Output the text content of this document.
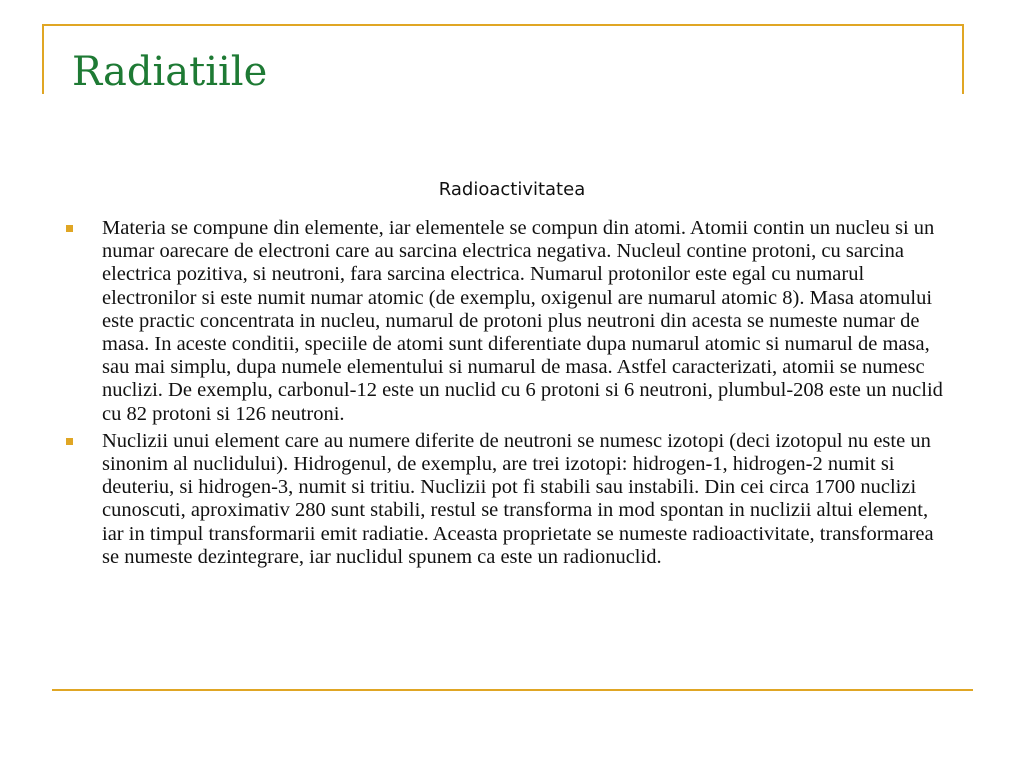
Radiatiile
Radioactivitatea
Materia se compune din elemente, iar elementele se compun din atomi. Atomii contin un nucleu si un numar oarecare de electroni care au sarcina electrica negativa. Nucleul contine protoni, cu sarcina electrica pozitiva, si neutroni, fara sarcina electrica. Numarul protonilor este egal cu numarul electronilor si este numit numar atomic (de exemplu, oxigenul are numarul atomic 8). Masa atomului este practic concentrata in nucleu, numarul de protoni plus neutroni din acesta se numeste numar de masa. In aceste conditii, speciile de atomi sunt diferentiate dupa numarul atomic si numarul de masa, sau mai simplu, dupa numele elementului si numarul de masa. Astfel caracterizati, atomii se numesc nuclizi. De exemplu, carbonul-12 este un nuclid cu 6 protoni si 6 neutroni, plumbul-208 este un nuclid cu 82 protoni si 126 neutroni.
Nuclizii unui element care au numere diferite de neutroni se numesc izotopi (deci izotopul nu este un sinonim al nuclidului). Hidrogenul, de exemplu, are trei izotopi: hidrogen-1, hidrogen-2 numit si deuteriu, si hidrogen-3, numit si tritiu. Nuclizii pot fi stabili sau instabili. Din cei circa 1700 nuclizi cunoscuti, aproximativ 280 sunt stabili, restul se transforma in mod spontan in nuclizii altui element, iar in timpul transformarii emit radiatie. Aceasta proprietate se numeste radioactivitate, transformarea se numeste dezintegrare, iar nuclidul spunem ca este un radionuclid.
